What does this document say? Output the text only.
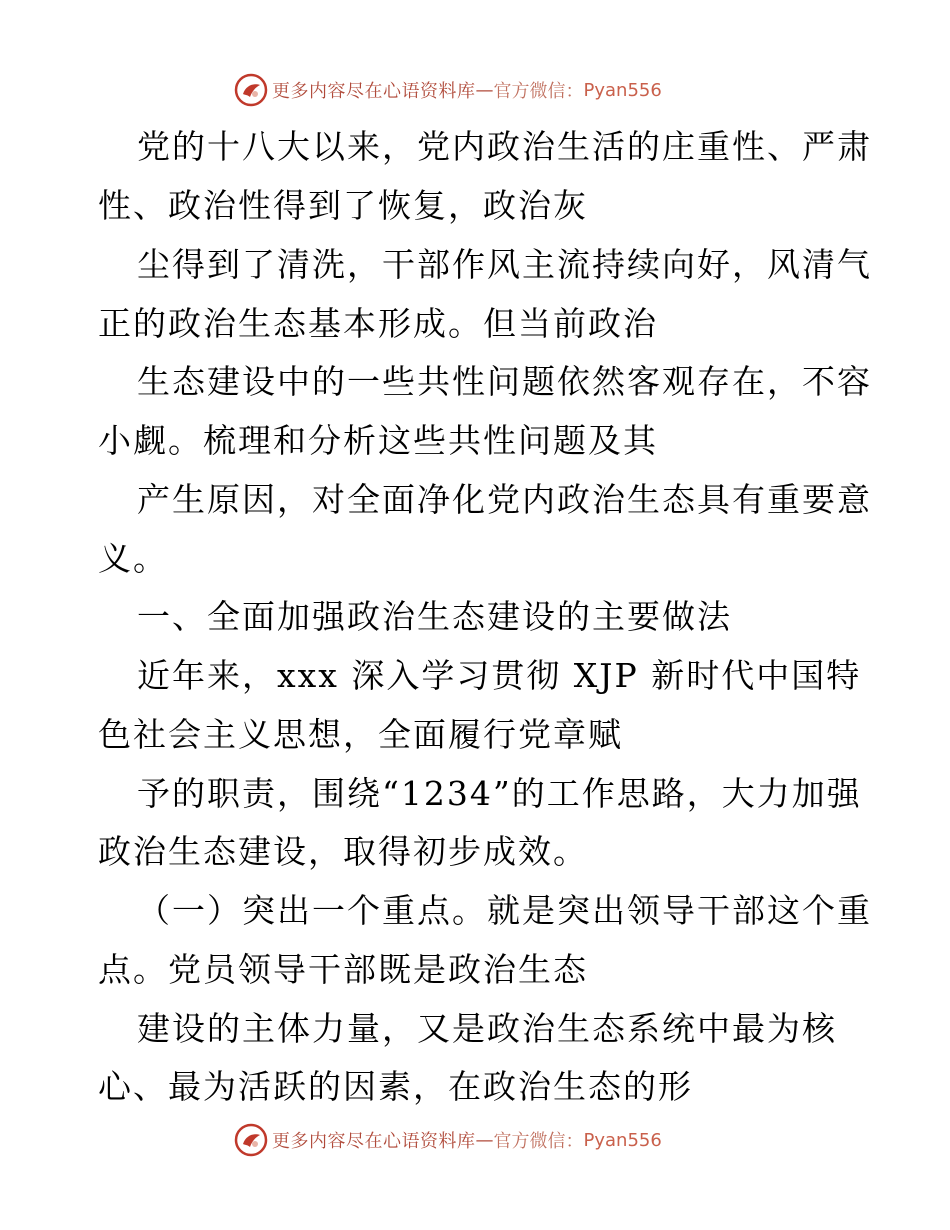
更多内容尽在心语资料库 — 官方微信： Pyan556
党的十八大以来，党内政治生活的庄重性、严肃
性、政治性得到了恢复，政治灰
尘得到了清洗，干部作风主流持续向好，风清气
正的政治生态基本形成。但当前政治
生态建设中的一些共性问题依然客观存在，不容
小觑。梳理和分析这些共性问题及其
产生原因，对全面净化党内政治生态具有重要意
义。
一、全面加强政治生态建设的主要做法
近年来，xxx 深入学习贯彻 XJP 新时代中国特
色社会主义思想，全面履行党章赋
予的职责，围绕“1234”的工作思路，大力加强
政治生态建设，取得初步成效。
（一）突出一个重点。就是突出领导干部这个重
点。党员领导干部既是政治生态
建设的主体力量，又是政治生态系统中最为核
心、最为活跃的因素，在政治生态的形
更多内容尽在心语资料库 — 官方微信： Pyan556
